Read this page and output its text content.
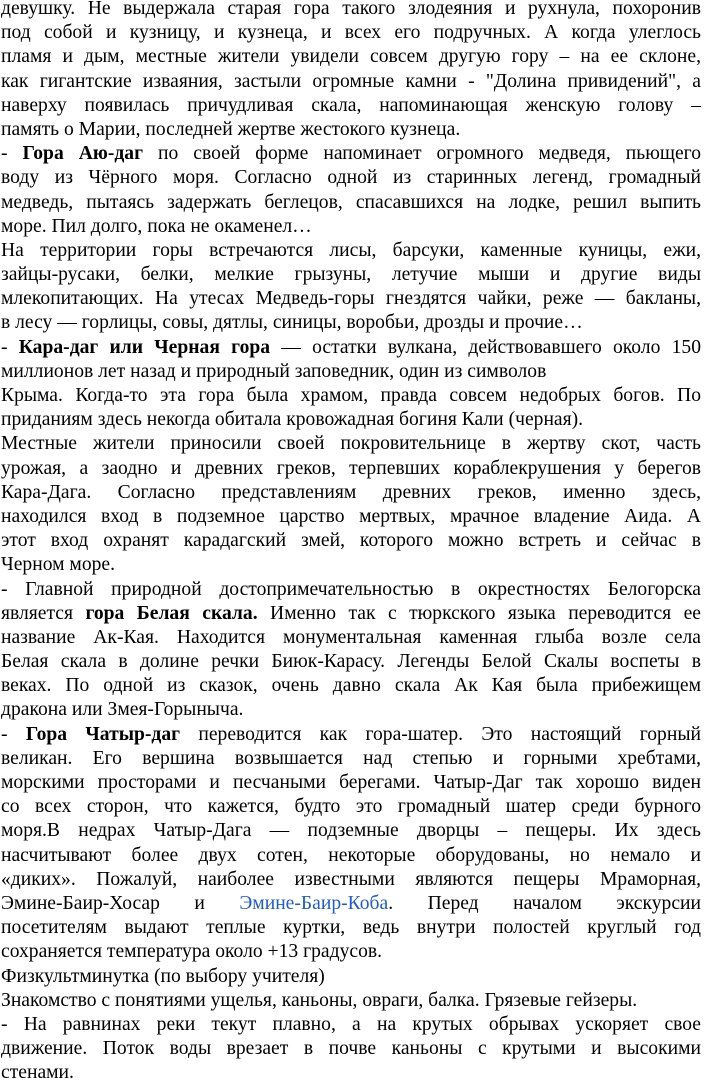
девушку. Не выдержала старая гора такого злодеяния и рухнула, похоронив
под собой и кузницу, и кузнеца, и всех его подручных. А когда улеглось
пламя и дым, местные жители увидели совсем другую гору – на ее склоне,
как гигантские изваяния, застыли огромные камни - "Долина привидений", а
наверху появилась причудливая скала, напоминающая женскую голову –
память о Марии, последней жертве жестокого кузнеца.
- Гора Аю-даг по своей форме напоминает огромного медведя, пьющего
воду из Чёрного моря. Согласно одной из старинных легенд, громадный
медведь, пытаясь задержать беглецов, спасавшихся на лодке, решил выпить
море. Пил долго, пока не окаменел…
На территории горы встречаются лисы, барсуки, каменные куницы, ежи,
зайцы-русаки, белки, мелкие грызуны, летучие мыши и другие виды
млекопитающих. На утесах Медведь-горы гнездятся чайки, реже — бакланы,
в лесу — горлицы, совы, дятлы, синицы, воробьи, дрозды и прочие…
- Кара-даг или Черная гора — остатки вулкана, действовавшего около 150
миллионов лет назад и природный заповедник, один из символов
Крыма. Когда-то эта гора была храмом, правда совсем недобрых богов. По
приданиям здесь некогда обитала кровожадная богиня Кали (черная).
Местные жители приносили своей покровительнице в жертву скот, часть
урожая, а заодно и древних греков, терпевших кораблекрушения у берегов
Кара-Дага. Согласно представлениям древних греков, именно здесь,
находился вход в подземное царство мертвых, мрачное владение Аида. А
этот вход охранят карадагский змей, которого можно встреть и сейчас в
Черном море.
- Главной природной достопримечательностью в окрестностях Белогорска
является гора Белая скала. Именно так с тюркского языка переводится ее
название Ак-Кая. Находится монументальная каменная глыба возле села
Белая скала в долине речки Биюк-Карасу. Легенды Белой Скалы воспеты в
веках. По одной из сказок, очень давно скала Ак Кая была прибежищем
дракона или Змея-Горыныча.
- Гора Чатыр-даг переводится как гора-шатер. Это настоящий горный
великан. Его вершина возвышается над степью и горными хребтами,
морскими просторами и песчаными берегами. Чатыр-Даг так хорошо виден
со всех сторон, что кажется, будто это громадный шатер среди бурного
моря.В недрах Чатыр-Дага — подземные дворцы – пещеры. Их здесь
насчитывают более двух сотен, некоторые оборудованы, но немало и
«диких». Пожалуй, наиболее известными являются пещеры Мраморная,
Эмине-Баир-Хосар и Эмине-Баир-Коба. Перед началом экскурсии
посетителям выдают теплые куртки, ведь внутри полостей круглый год
сохраняется температура около +13 градусов.
Физкультминутка (по выбору учителя)
Знакомство с понятиями ущелья, каньоны, овраги, балка. Грязевые гейзеры.
- На равнинах реки текут плавно, а на крутых обрывах ускоряет свое
движение. Поток воды врезает в почве каньоны с крутыми и высокими
стенами.
